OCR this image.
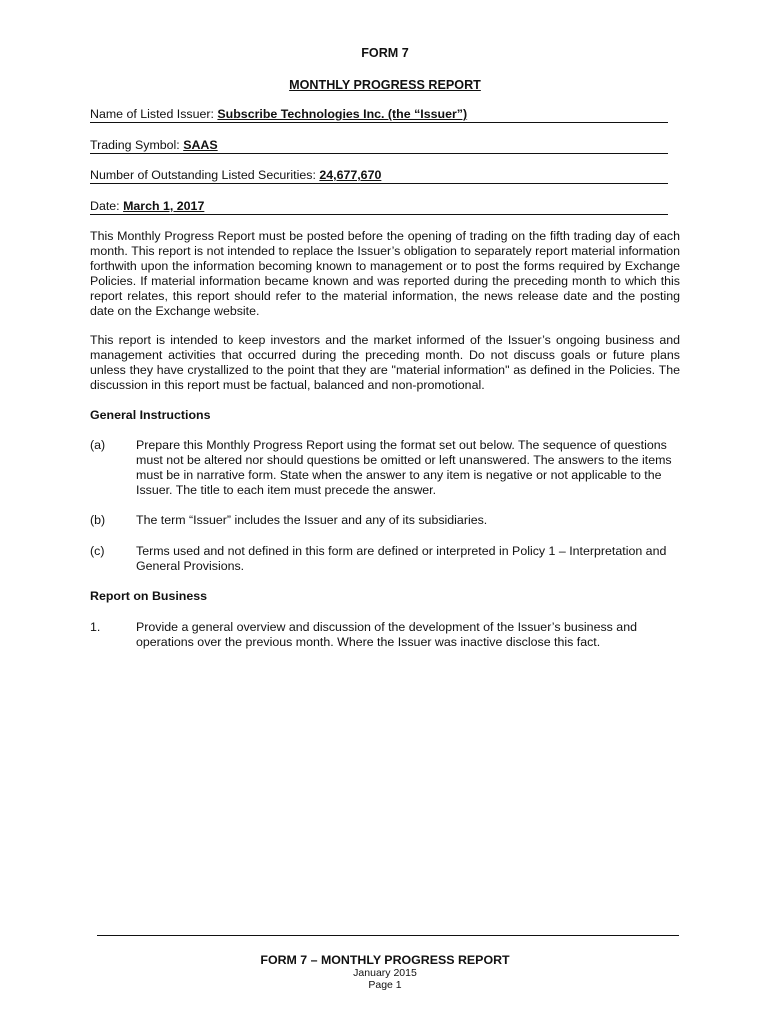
FORM 7
MONTHLY PROGRESS REPORT
Name of Listed Issuer: Subscribe Technologies Inc. (the “Issuer”)
Trading Symbol: SAAS
Number of Outstanding Listed Securities: 24,677,670
Date: March 1, 2017
This Monthly Progress Report must be posted before the opening of trading on the fifth trading day of each month. This report is not intended to replace the Issuer’s obligation to separately report material information forthwith upon the information becoming known to management or to post the forms required by Exchange Policies. If material information became known and was reported during the preceding month to which this report relates, this report should refer to the material information, the news release date and the posting date on the Exchange website.
This report is intended to keep investors and the market informed of the Issuer’s ongoing business and management activities that occurred during the preceding month. Do not discuss goals or future plans unless they have crystallized to the point that they are "material information" as defined in the Policies. The discussion in this report must be factual, balanced and non-promotional.
General Instructions
(a) Prepare this Monthly Progress Report using the format set out below. The sequence of questions must not be altered nor should questions be omitted or left unanswered. The answers to the items must be in narrative form. State when the answer to any item is negative or not applicable to the Issuer. The title to each item must precede the answer.
(b) The term “Issuer” includes the Issuer and any of its subsidiaries.
(c)	Terms used and not defined in this form are defined or interpreted in Policy 1 – Interpretation and General Provisions.
Report on Business
1.	Provide a general overview and discussion of the development of the Issuer’s business and operations over the previous month. Where the Issuer was inactive disclose this fact.
FORM 7 – MONTHLY PROGRESS REPORT
January 2015
Page 1
